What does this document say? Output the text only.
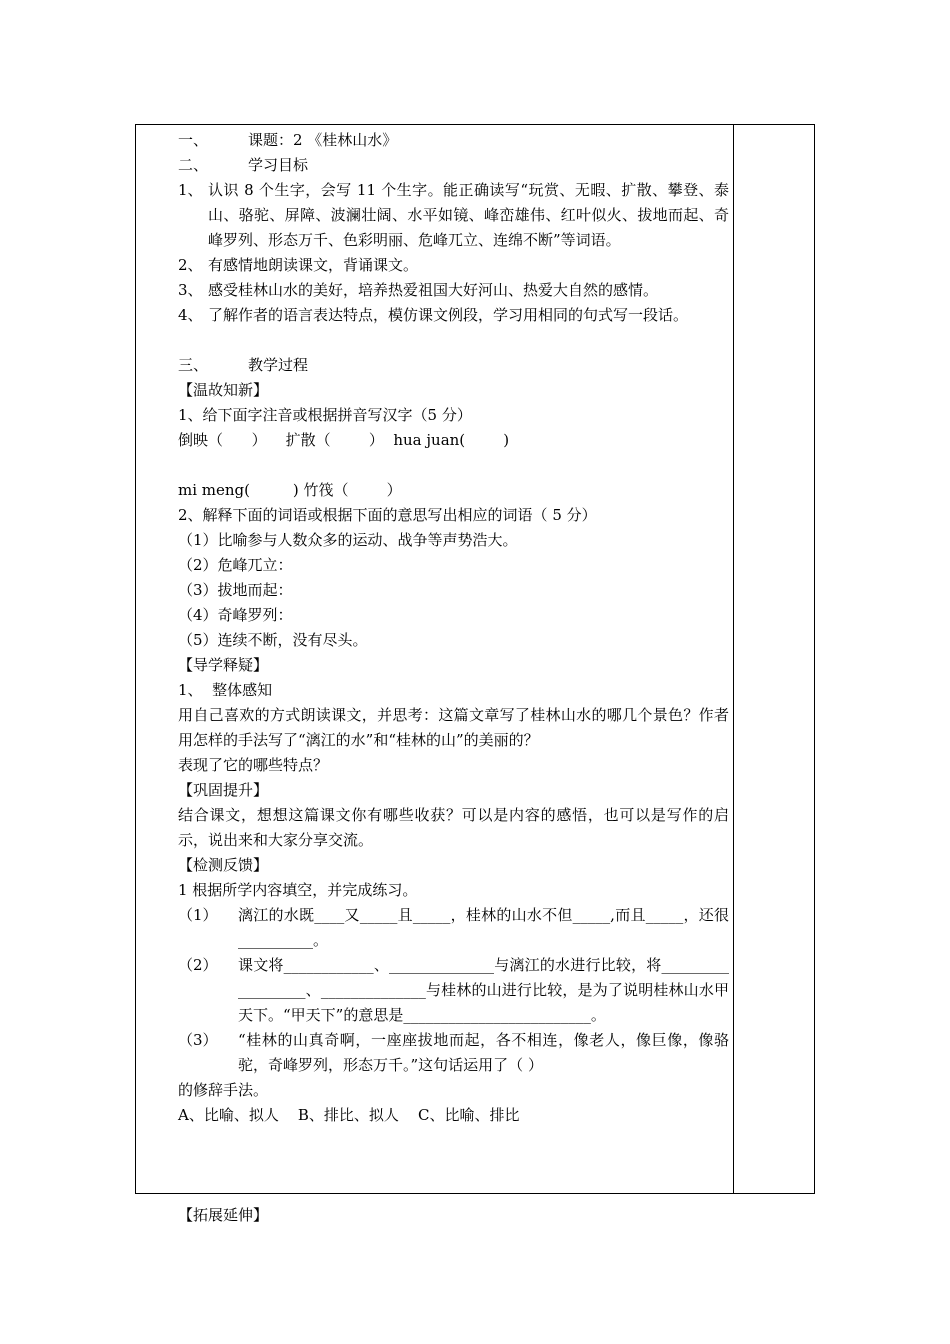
一、	课题：2 《桂林山水》
二、	学习目标
1、 认识 8 个生字，会写 11 个生字。能正确读写“玩赏、无暇、扩散、攀登、泰山、骆驼、屏障、波澜壮阔、水平如镜、峰峦雄伟、红叶似火、拔地而起、奇峰罗列、形态万千、色彩明丽、危峰兀立、连绵不断”等词语。
2、 有感情地朗读课文，背诵课文。
3、 感受桂林山水的美好，培养热爱祖国大好河山、热爱大自然的感情。
4、 了解作者的语言表达特点，模仿课文例段，学习用相同的句式写一段话。
三、	教学过程
【温故知新】
1、给下面字注音或根据拼音写汉字（5 分）
倒映（      ）    扩散（        ）  hua juan(        )
mi meng(         ) 竹筏（        ）
2、解释下面的词语或根据下面的意思写出相应的词语（ 5 分）
（1）比喻参与人数众多的运动、战争等声势浩大。
（2）危峰兀立：
（3）拔地而起：
（4）奇峰罗列：
（5）连续不断，没有尽头。
【导学释疑】
1、  整体感知
用自己喜欢的方式朗读课文，并思考：这篇文章写了桂林山水的哪几个景色？作者用怎样的手法写了“漓江的水”和“桂林的山”的美丽的？
表现了它的哪些特点？
【巩固提升】
结合课文，想想这篇课文你有哪些收获？可以是内容的感悟，也可以是写作的启示，说出来和大家分享交流。
【检测反馈】
1 根据所学内容填空，并完成练习。
（1）	漓江的水既____又_____且_____，桂林的山水不但_____,而且_____，还很__________。
（2）	课文将____________、______________与漓江的水进行比较，将__________________、______________与桂林的山进行比较，是为了说明桂林山水甲天下。“甲天下”的意思是_________________________。
（3）	“桂林的山真奇啊，一座座拔地而起，各不相连，像老人，像巨像，像骆驼，奇峰罗列，形态万千。”这句话运用了（ ）
的修辞手法。
A、比喻、拟人    B、排比、拟人    C、比喻、排比
【拓展延伸】
